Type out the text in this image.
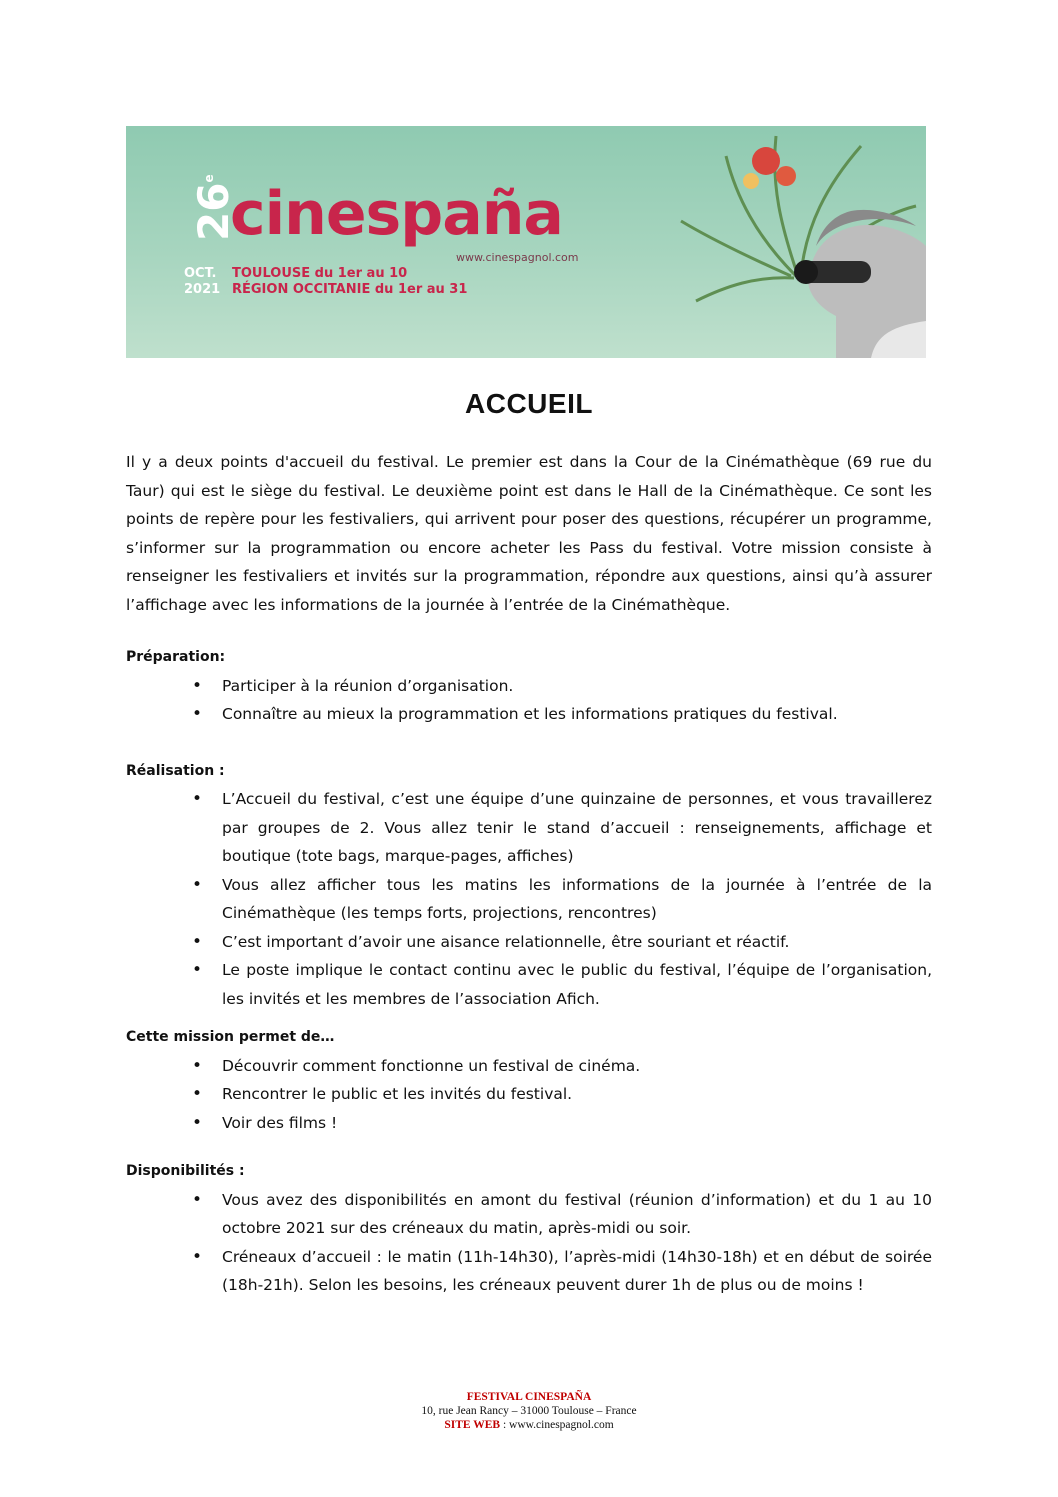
26e
cinespaña
www.cinespagnol.com
OCT.
2021
TOULOUSE du 1er au 10
RÉGION OCCITANIE du 1er au 31
ACCUEIL

Il y a deux points d'accueil du festival. Le premier est dans la Cour de la Cinémathèque (69 rue du Taur) qui est le siège du festival. Le deuxième point est dans le Hall de la Cinémathèque. Ce sont les points de repère pour les festivaliers, qui arrivent pour poser des questions, récupérer un programme, s’informer sur la programmation ou encore acheter les Pass du festival. Votre mission consiste à renseigner les festivaliers et invités sur la programmation, répondre aux questions, ainsi qu’à assurer l’affichage avec les informations de la journée à l’entrée de la Cinémathèque.

Préparation:

• Participer à la réunion d’organisation.
• Connaître au mieux la programmation et les informations pratiques du festival.

Réalisation :

• L’Accueil du festival, c’est une équipe d’une quinzaine de personnes, et vous travaillerez par groupes de 2. Vous allez tenir le stand d’accueil : renseignements, affichage et boutique (tote bags, marque-pages, affiches)
• Vous allez afficher tous les matins les informations de la journée à l’entrée de la Cinémathèque (les temps forts, projections, rencontres)
• C’est important d’avoir une aisance relationnelle, être souriant et réactif.
• Le poste implique le contact continu avec le public du festival, l’équipe de l’organisation, les invités et les membres de l’association Afich.

Cette mission permet de…

• Découvrir comment fonctionne un festival de cinéma.
• Rencontrer le public et les invités du festival.
• Voir des films !

Disponibilités :

• Vous avez des disponibilités en amont du festival (réunion d’information) et du 1 au 10 octobre 2021 sur des créneaux du matin, après-midi ou soir.
• Créneaux d’accueil : le matin (11h-14h30), l’après-midi (14h30-18h) et en début de soirée (18h-21h). Selon les besoins, les créneaux peuvent durer 1h de plus ou de moins !
FESTIVAL CINESPAÑA
10, rue Jean Rancy – 31000 Toulouse – France
SITE WEB : www.cinespagnol.com
